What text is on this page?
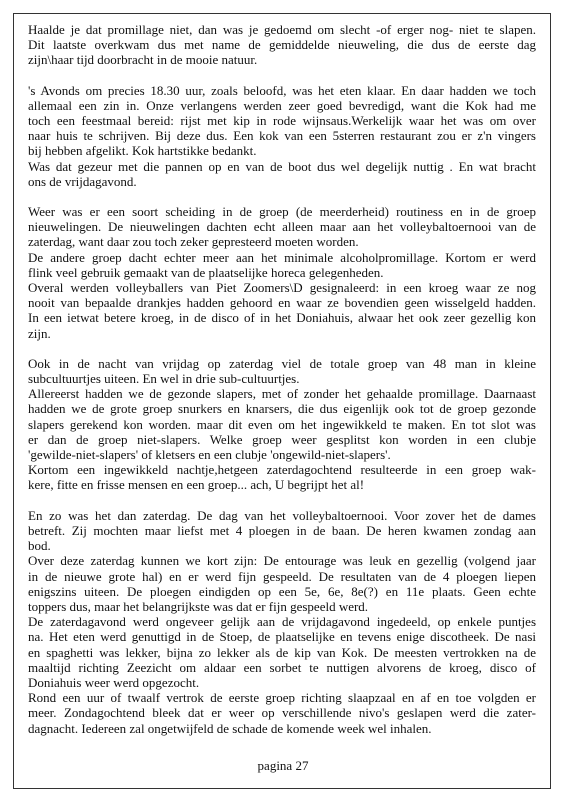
Haalde je dat promillage niet, dan was je gedoemd om slecht -of erger nog- niet te slapen.
Dit laatste overkwam dus met name de gemiddelde nieuweling, die dus de eerste dag
zijn\haar tijd doorbracht in de mooie natuur.
's Avonds om precies 18.30 uur, zoals beloofd, was het eten klaar. En daar hadden we toch
allemaal een zin in. Onze verlangens werden zeer goed bevredigd, want die Kok had me
toch een feestmaal bereid: rijst met kip in rode wijnsaus.Werkelijk waar het was om over
naar huis te schrijven. Bij deze dus. Een kok van een 5sterren restaurant zou er z'n vingers
bij hebben afgelikt. Kok hartstikke bedankt.
Was dat gezeur met die pannen op en van de boot dus wel degelijk nuttig . En wat bracht
ons de vrijdagavond.
Weer was er een soort scheiding in de groep (de meerderheid) routiness en in de groep
nieuwelingen. De nieuwelingen dachten echt alleen maar aan het volleybaltoernooi van de
zaterdag, want daar zou toch zeker gepresteerd moeten worden.
De andere groep dacht echter meer aan het minimale alcoholpromillage. Kortom er werd
flink veel gebruik gemaakt van de plaatselijke horeca gelegenheden.
Overal werden volleyballers van Piet Zoomers\D gesignaleerd: in een kroeg waar ze nog
nooit van bepaalde drankjes hadden gehoord en waar ze bovendien geen wisselgeld hadden.
In een ietwat betere kroeg, in de disco of in het Doniahuis, alwaar het ook zeer gezellig kon
zijn.
Ook in de nacht van vrijdag op zaterdag viel de totale groep van 48 man in kleine
subcultuurtjes uiteen. En wel in drie sub-cultuurtjes.
Allereerst hadden we de gezonde slapers, met of zonder het gehaalde promillage. Daarnaast
hadden we de grote groep snurkers en knarsers, die dus eigenlijk ook tot de groep gezonde
slapers gerekend kon worden. maar dit even om het ingewikkeld te maken. En tot slot was
er dan de groep niet-slapers. Welke groep weer gesplitst kon worden in een clubje
'gewilde-niet-slapers' of kletsers en een clubje 'ongewild-niet-slapers'.
Kortom een ingewikkeld nachtje,hetgeen zaterdagochtend resulteerde in een groep wak-
kere, fitte en frisse mensen en een groep... ach, U begrijpt het al!
En zo was het dan zaterdag. De dag van het volleybaltoernooi. Voor zover het de dames
betreft. Zij mochten maar liefst met 4 ploegen in de baan. De heren kwamen zondag aan
bod.
Over deze zaterdag kunnen we kort zijn: De entourage was leuk en gezellig (volgend jaar
in de nieuwe grote hal) en er werd fijn gespeeld. De resultaten van de 4 ploegen liepen
enigszins uiteen. De ploegen eindigden op een 5e, 6e, 8e(?) en 11e plaats. Geen echte
toppers dus, maar het belangrijkste was dat er fijn gespeeld werd.
De zaterdagavond werd ongeveer gelijk aan de vrijdagavond ingedeeld, op enkele puntjes
na. Het eten werd genuttigd in de Stoep, de plaatselijke en tevens enige discotheek. De nasi
en spaghetti was lekker, bijna zo lekker als de kip van Kok. De meesten vertrokken na de
maaltijd richting Zeezicht om aldaar een sorbet te nuttigen alvorens de kroeg, disco of
Doniahuis weer werd opgezocht.
Rond een uur of twaalf vertrok de eerste groep richting slaapzaal en af en toe volgden er
meer. Zondagochtend bleek dat er weer op verschillende nivo's geslapen werd die zater-
dagnacht. Iedereen zal ongetwijfeld de schade de komende week wel inhalen.
pagina 27
